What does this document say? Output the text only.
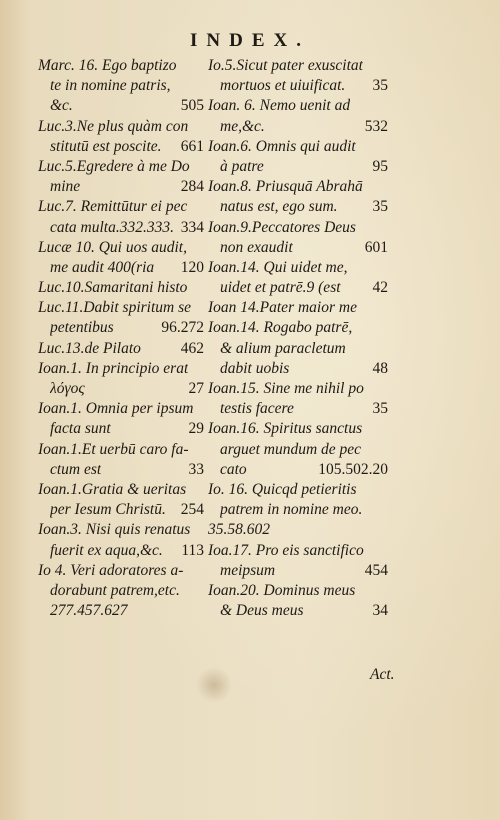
INDEX.
Marc. 16. Ego baptizo
te in nomine patris,
&c.	505
Luc.3.Ne plus quàm con
stitutū est poscite. 661
Luc.5.Egredere à me Do
mine	284
Luc.7. Remittūtur ei pec
cata multa.332.333. 334
Lucæ 10. Qui uos audit,
me audit 400(ria 120
Luc.10.Samaritani histo
Luc.11.Dabit spiritum se
petentibus	96.272
Luc.13.de Pilato	462
Ioan.1. In principio erat
λόγος	27
Ioan.1. Omnia per ipsum
facta sunt	29
Ioan.1.Et uerbū caro fa-
ctum est	33
Ioan.1.Gratia & ueritas
per Iesum Christū. 254
Ioan.3. Nisi quis renatus
fuerit ex aqua,&c. 113
Io 4. Veri adoratores a-
dorabunt patrem,etc.
277.457.627
Io.5.Sicut pater exuscitat
mortuos et uiuificat. 35
Ioan. 6. Nemo uenit ad
me,&c.	532
Ioan.6. Omnis qui audit
à patre	95
Ioan.8. Priusquā Abrahā
natus est, ego sum. 35
Ioan.9.Peccatores Deus
non exaudit	601
Ioan.14. Qui uidet me,
uidet et patrē.9 (est 42
Ioan 14.Pater maior me
Ioan.14. Rogabo patrē,
& alium paracletum
dabit uobis	48
Ioan.15. Sine me nihil po
testis facere	35
Ioan.16. Spiritus sanctus
arguet mundum de pec
cato	105.502.20
Io. 16. Quicqd petieritis
patrem in nomine meo.
35.58.602
Ioa.17. Pro eis sanctifico
meipsum	454
Ioan.20. Dominus meus
& Deus meus	34
Act.
